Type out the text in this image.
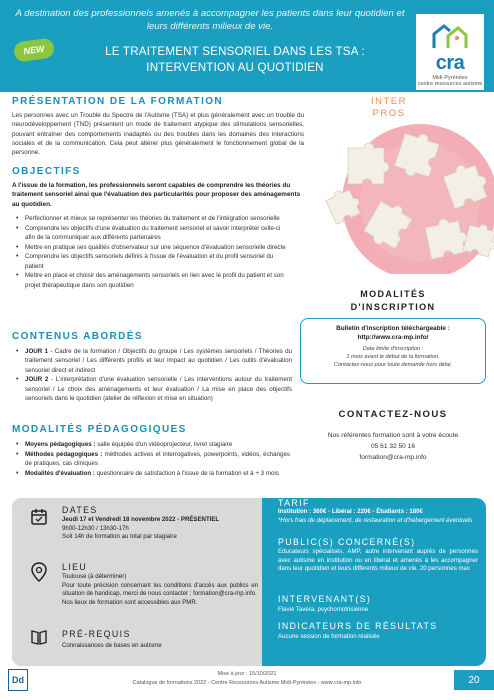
A destination des professionnels amenés à accompagner les patients dans leur quotidien et leurs différents milieux de vie.
NEW	LE TRAITEMENT SENSORIEL DANS LES TSA :
INTERVENTION AU QUOTIDIEN	cra
Midi-Pyrénées
centre ressources autisme
INTER
PROS
PRÉSENTATION DE LA FORMATION
Les personnes avec un Trouble du Spectre de l'Autisme (TSA) et plus généralement avec un trouble du neurodéveloppement (TND) présentent un mode de traitement atypique des stimulations sensorielles, pouvant entraîner des comportements inadaptés ou des troubles dans les domaines des interactions sociales et de la communication. Cela peut altérer plus généralement le fonctionnement global de la personne.
OBJECTIFS
A l'issue de la formation, les professionnels seront capables de comprendre les théories du traitement sensoriel ainsi que l'évaluation des particularités pour proposer des aménagements au quotidien.
• Perfectionner et mieux se représenter les théories du traitement et de l'intégration sensorielle
• Comprendre les objectifs d'une évaluation du traitement sensoriel et savoir interpréter celle-ci afin de la communiquer aux différents partenaires
• Mettre en pratique ses qualités d'observateur sur une séquence d'évaluation sensorielle directe
• Comprendre les objectifs sensoriels définis à l'issue de l'évaluation et du profil sensoriel du patient
• Mettre en place et choisir des aménagements sensoriels en lien avec le profil du patient et son projet thérapeutique dans son quotidien
CONTENUS ABORDÉS
• JOUR 1 - Cadre de la formation / Objectifs du groupe / Les systèmes sensoriels / Théories du traitement sensoriel / Les différents profils et leur impact au quotidien / Les outils d'évaluation sensoriel direct et indirect
• JOUR 2 - L'interprétation d'une évaluation sensorielle / Les interventions autour du traitement sensoriel / Le choix des aménagements et leur évaluation / La mise en place des objectifs sensoriels dans le quotidien (atelier de réflexion et mise en situation)
MODALITÉS PÉDAGOGIQUES
• Moyens pédagogiques : salle équipée d'un vidéoprojecteur, livret stagiaire
• Méthodes pédagogiques : méthodes actives et interrogatives, powerpoints, vidéos, échanges de pratiques, cas cliniques
• Modalités d'évaluation : questionnaire de satisfaction à l'issue de la formation et à + 3 mois
MODALITÉS
D'INSCRIPTION
Bulletin d'inscription téléchargeable :
http://www.cra-mp.info/
Date limite d'inscription :
1 mois avant le début de la formation.
Contactez-nous pour toute demande hors délai.
CONTACTEZ-NOUS
Nos référentes formation sont à votre écoute
05 61 32 50 16
formation@cra-mp.info
DATES
Jeudi 17 et Vendredi 18 novembre 2022 - PRÉSENTIEL
9h00-12h30 / 13h30-17h
Soit 14h de formation au total par stagiaire
LIEU
Toulouse (à déterminer)
Pour toute précision concernant les conditions d'accès aux publics en situation de handicap, merci de nous contacter : formation@cra-mp.info.
Nos lieux de formation sont accessibles aux PMR.
PRÉ-REQUIS
Connaissances de bases en autisme
TARIF
Institution : 360€ - Libéral : 220€ - Étudiants : 180€
*Hors frais de déplacement, de restauration et d'hébergement éventuels
PUBLIC(S) CONCERNÉ(S)
Educateurs spécialisés, AMP, autre intervenant auprès de personnes avec autisme en institution ou en libéral et amenés à les accompagner dans leur quotidien et leurs différents milieux de vie. 20 personnes max
INTERVENANT(S)
Flavie Tavera, psychomotricienne
INDICATEURS DE RÉSULTATS
Aucune session de formation réalisée
Dd
Mise à jour : 15/10/2021
Catalogue de formations 2022 - Centre Ressources Autisme Midi-Pyrénées - www.cra-mp.info	20
